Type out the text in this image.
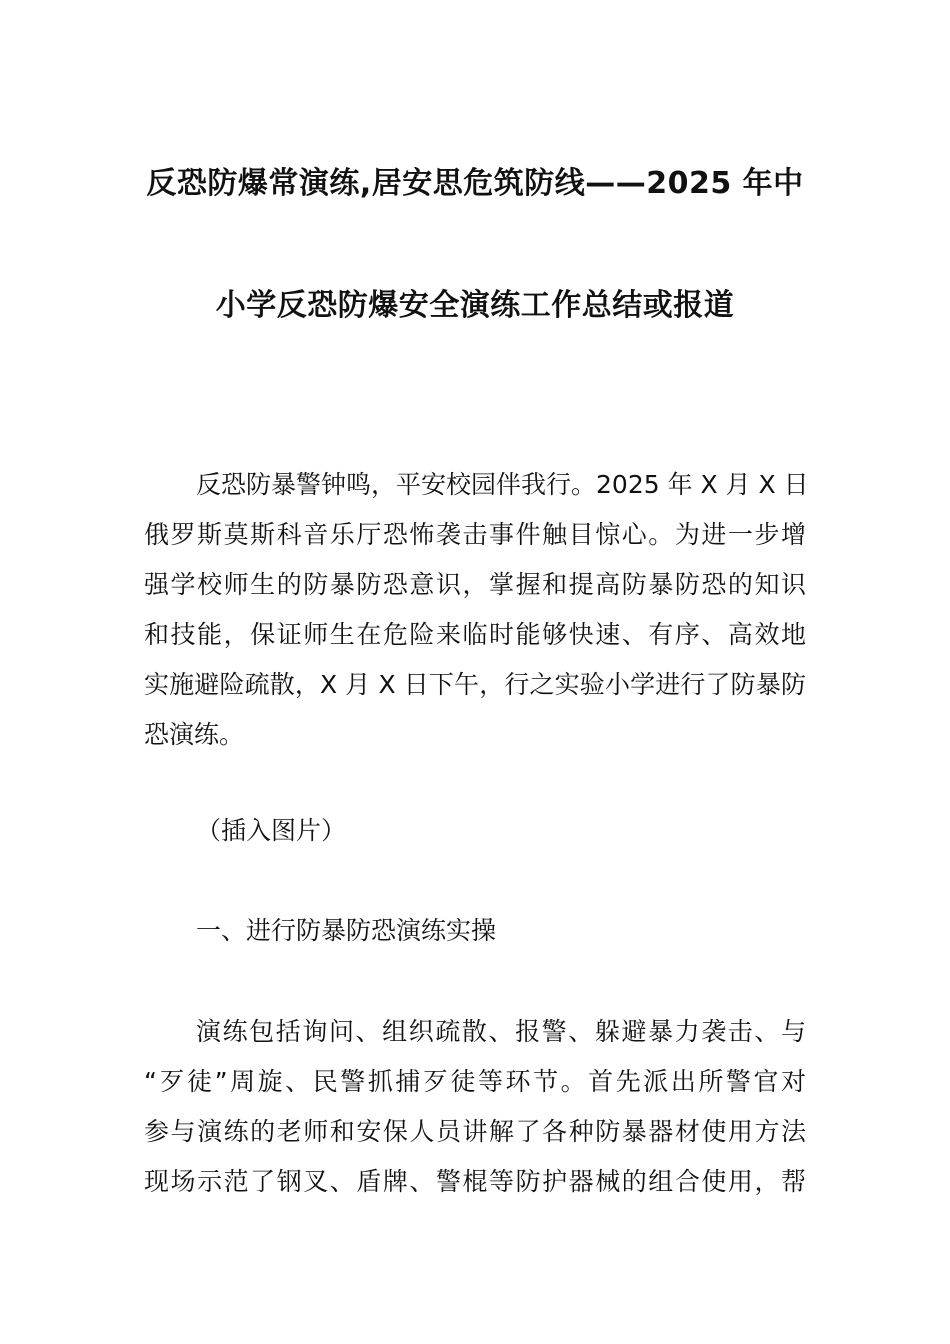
反恐防爆常演练,居安思危筑防线——2025 年中
小学反恐防爆安全演练工作总结或报道
反恐防暴警钟鸣，平安校园伴我行。2025 年 X 月 X 日
俄罗斯莫斯科音乐厅恐怖袭击事件触目惊心。为进一步增
强学校师生的防暴防恐意识，掌握和提高防暴防恐的知识
和技能，保证师生在危险来临时能够快速、有序、高效地
实施避险疏散，X 月 X 日下午，行之实验小学进行了防暴防
恐演练。
（插入图片）
一、进行防暴防恐演练实操
演练包括询问、组织疏散、报警、躲避暴力袭击、与
“歹徒”周旋、民警抓捕歹徒等环节。首先派出所警官对
参与演练的老师和安保人员讲解了各种防暴器材使用方法
现场示范了钢叉、盾牌、警棍等防护器械的组合使用，帮
